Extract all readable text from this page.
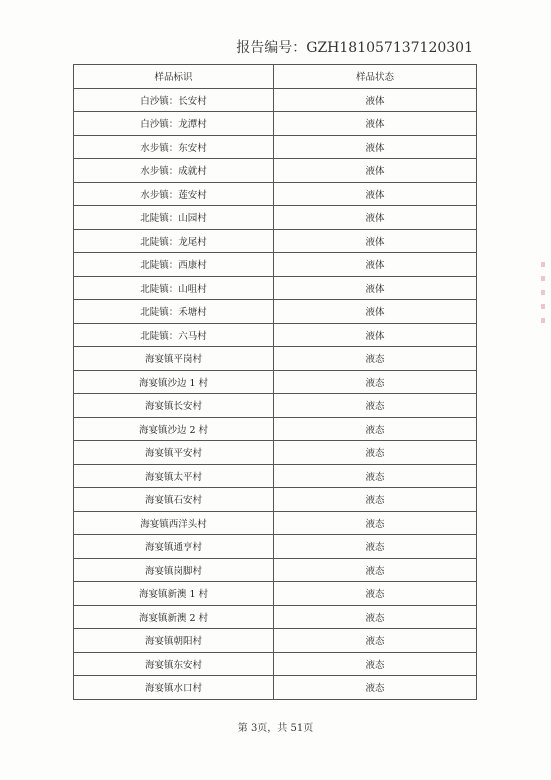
报告编号：GZH181057137120301
样品标识	样品状态
白沙镇：长安村	液体
白沙镇：龙潭村	液体
水步镇：东安村	液体
水步镇：成就村	液体
水步镇：莲安村	液体
北陡镇：山园村	液体
北陡镇：龙尾村	液体
北陡镇：西康村	液体
北陡镇：山咀村	液体
北陡镇：禾塘村	液体
北陡镇：六马村	液体
海宴镇平岗村	液态
海宴镇沙边 1 村	液态
海宴镇长安村	液态
海宴镇沙边 2 村	液态
海宴镇平安村	液态
海宴镇太平村	液态
海宴镇石安村	液态
海宴镇西洋头村	液态
海宴镇通亨村	液态
海宴镇岗脚村	液态
海宴镇新澳 1 村	液态
海宴镇新澳 2 村	液态
海宴镇朝阳村	液态
海宴镇东安村	液态
海宴镇水口村	液态
第 3页，共 51页
